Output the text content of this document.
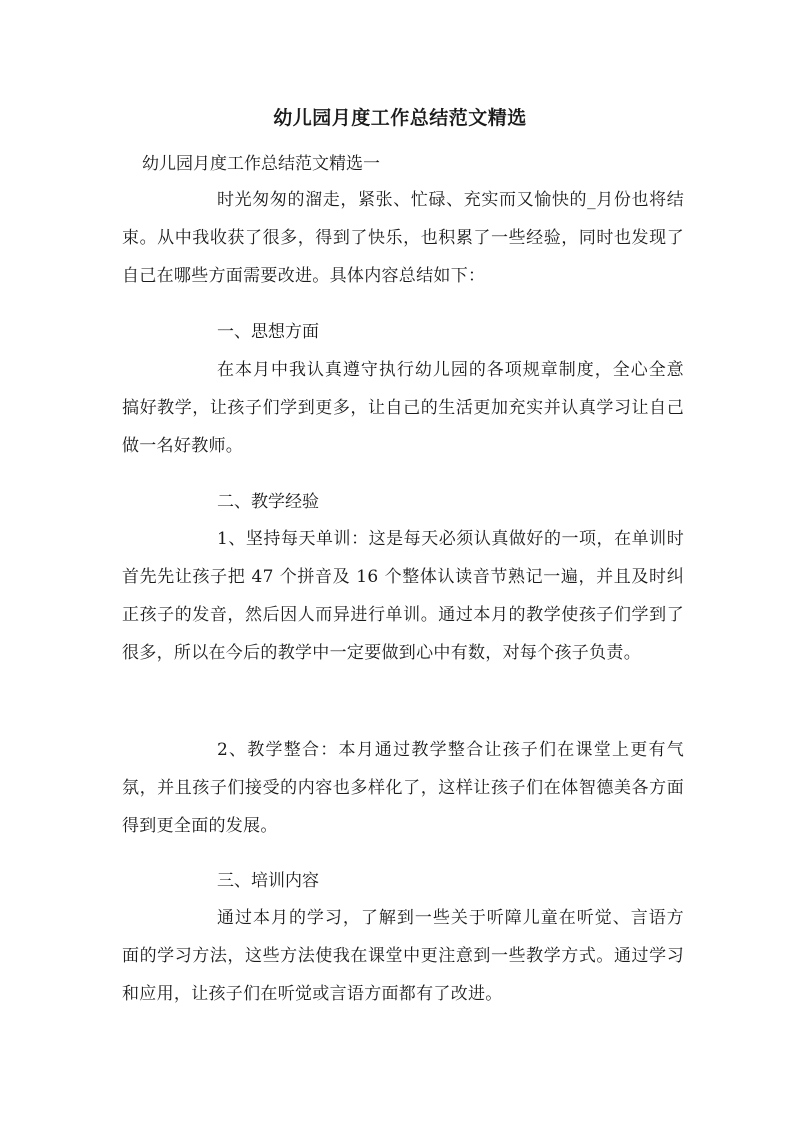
幼儿园月度工作总结范文精选

幼儿园月度工作总结范文精选一

时光匆匆的溜走，紧张、忙碌、充实而又愉快的_月份也将结束。从中我收获了很多，得到了快乐，也积累了一些经验，同时也发现了自己在哪些方面需要改进。具体内容总结如下：

一、思想方面

在本月中我认真遵守执行幼儿园的各项规章制度，全心全意搞好教学，让孩子们学到更多，让自己的生活更加充实并认真学习让自己做一名好教师。

二、教学经验

1、坚持每天单训：这是每天必须认真做好的一项，在单训时首先先让孩子把 47 个拼音及 16 个整体认读音节熟记一遍，并且及时纠正孩子的发音，然后因人而异进行单训。通过本月的教学使孩子们学到了很多，所以在今后的教学中一定要做到心中有数，对每个孩子负责。

2、教学整合：本月通过教学整合让孩子们在课堂上更有气氛，并且孩子们接受的内容也多样化了，这样让孩子们在体智德美各方面得到更全面的发展。

三、培训内容

通过本月的学习，了解到一些关于听障儿童在听觉、言语方面的学习方法，这些方法使我在课堂中更注意到一些教学方式。通过学习和应用，让孩子们在听觉或言语方面都有了改进。
